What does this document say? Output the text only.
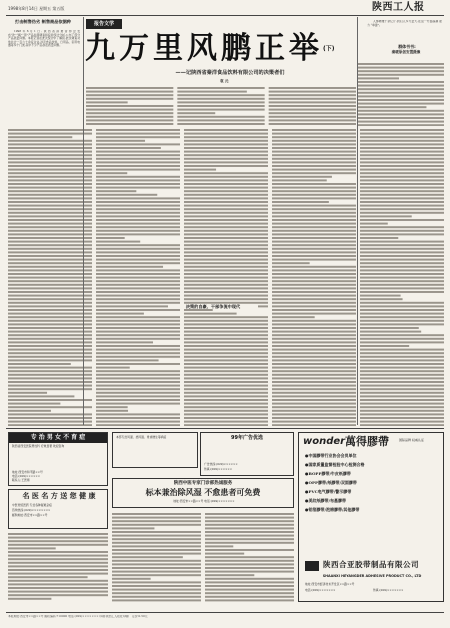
1998年8月14日 星期五 第五版	陕西工人报
打击制售伪劣 制售商品依据种

1998年6月1日,陕西省消费者协会发布“吃”“喝”“用”产品信用调查和投诉统计分析,公布了部分产品质量问题。本报记者在此次统计中了解到,此次调查对象共计一百六十余家企业,涉及食品饮料、日用品、家用电器等多个门类,其中不少产品存在质量问题。

报告文学
九万里风鹏正举(下)
——记陕西省秦洋食品饮料有限公司的决策者们
袁 元

人参晓雄十余亿斤,我们人多力量大,在这一方面超越 能力 “单建”。

群体书书:
秦暖原创安置摄像
决策的自豪、干部争流中现代
专 治 男 女 不 育 症
陕西省西安医院男性科 疗效显著 欢迎咨询
地址:西安市和平路××号
电话:(029)××××××
联系人:王医师
名 医 名 方 送 您 健 康
中医传统医药 专治各种疑难杂症
咨询热线:(029)××××××××
邮购地址:西安市××路××号
本部专治风湿、类风湿、骨质增生等病症
陕西中医专家门诊部热诚服务
标本兼治除风湿 不愈患者可免费
地址:西安市××路××号 电话:(029)×××××××
99年广告优选
广告热线:(029)××××××
传真:(029)××××××
wonder 萬得膠帶	国际品牌 权威认证
●中国膠带行业协会会员单位
●国家质量监督检验中心检测合格
●BOPP膠带/牛皮纸膠带
●OPP膠带/纸膠带/双面膠带
●PVC电气膠带/警示膠带
●美纹纸膠带/布基膠带
●铝箔膠带/泡棉膠带/其他膠带
陕西合亚胶带制品有限公司
SHAANXI HEYANGDER ADHESIVE PRODUCT CO., LTD
地址:西安市经济技术开发区××路××号
电话:(029)×××××××	传真:(029)×××××××
本报地址:西安市××路××号 邮政编码:710000 电话:(029)××××××× 印刷:陕西工人报社印刷厂 定价:0.50元
